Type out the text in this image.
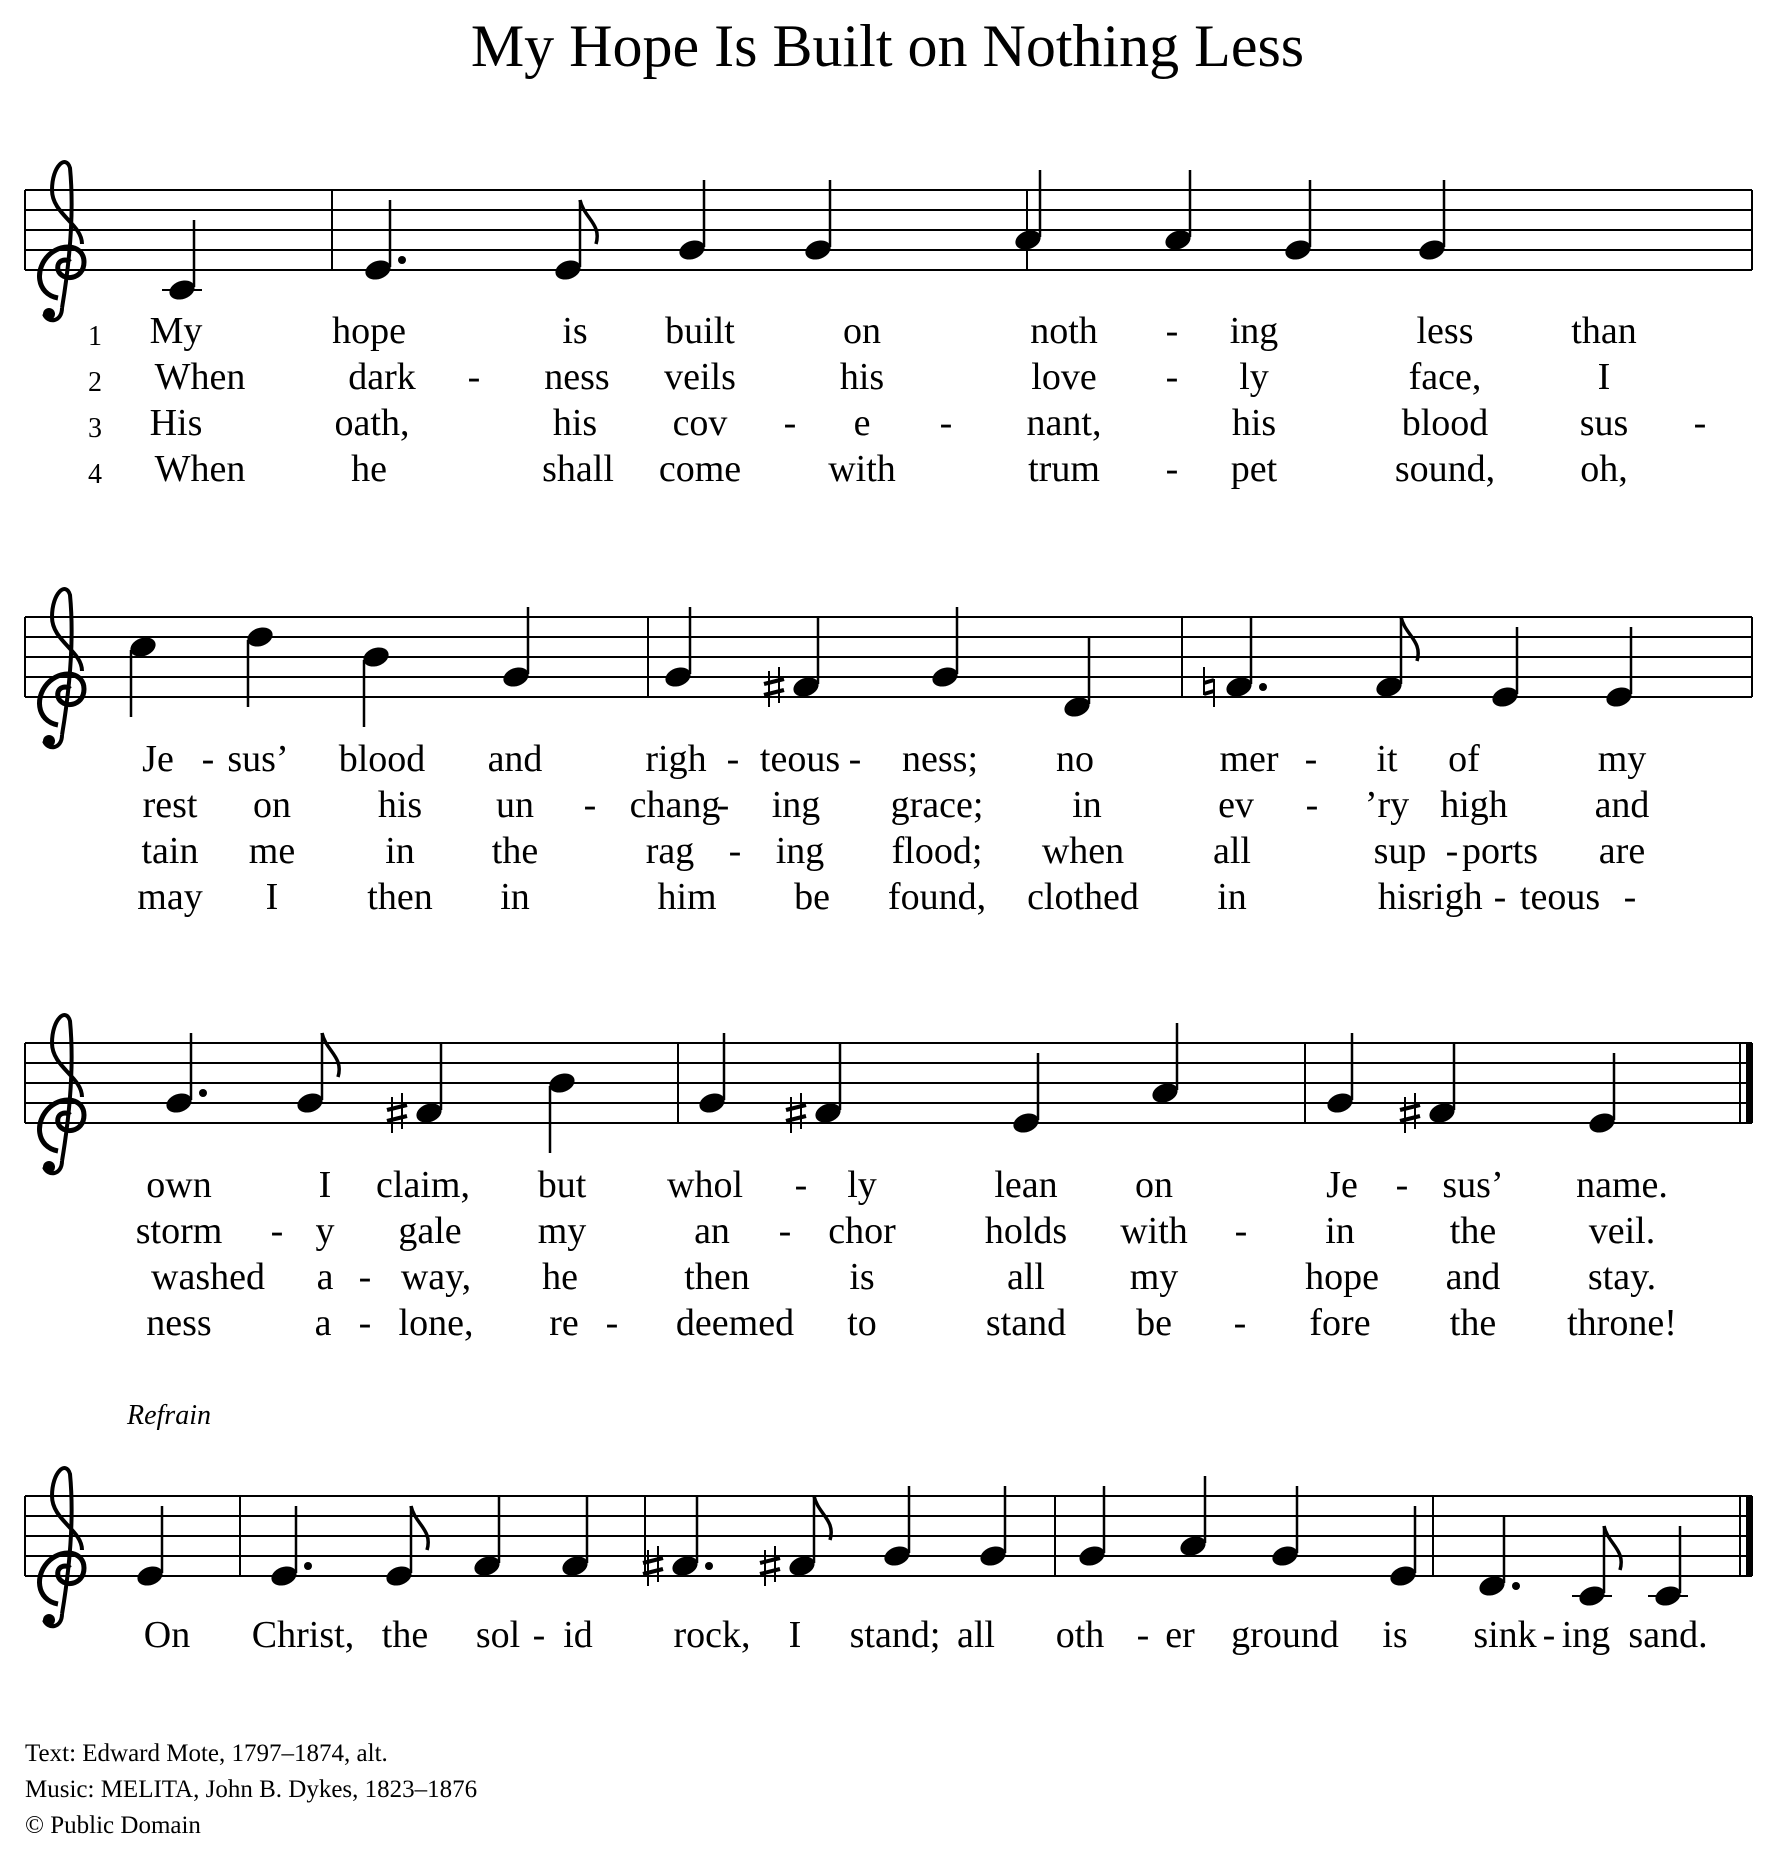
My Hope Is Built on Nothing Less
1 My	hope	is built	on	noth - ing	less	than
2 When	dark - ness veils	his	love - ly	face,	I
3 His	oath,	his cov - e - nant,	his	blood sus -
4 When	he	shall come with	trum - pet	sound, oh,
Je - sus’ blood and	righ - teous - ness; no	mer - it of	my
rest on his un - chang
- ing grace; in	ev - ’ry high and
tain me in the	rag - ing flood; when all	sup - ports are
may I then in	him be found, clothed in	his righ - teous -
own	I claim, but whol - ly	lean on	Je - sus’ name.
storm - y gale my	an - chor holds with - in	the veil.
washed a - way, he	then	is	all my	hope and stay.
ness	a - lone, re - deemed to	stand be - fore the throne!
Refrain
On Christ, the sol - id rock, I stand; all oth - er ground is sink - ing sand.
Text: Edward Mote, 1797–1874, alt.
Music: MELITA, John B. Dykes, 1823–1876
© Public Domain
